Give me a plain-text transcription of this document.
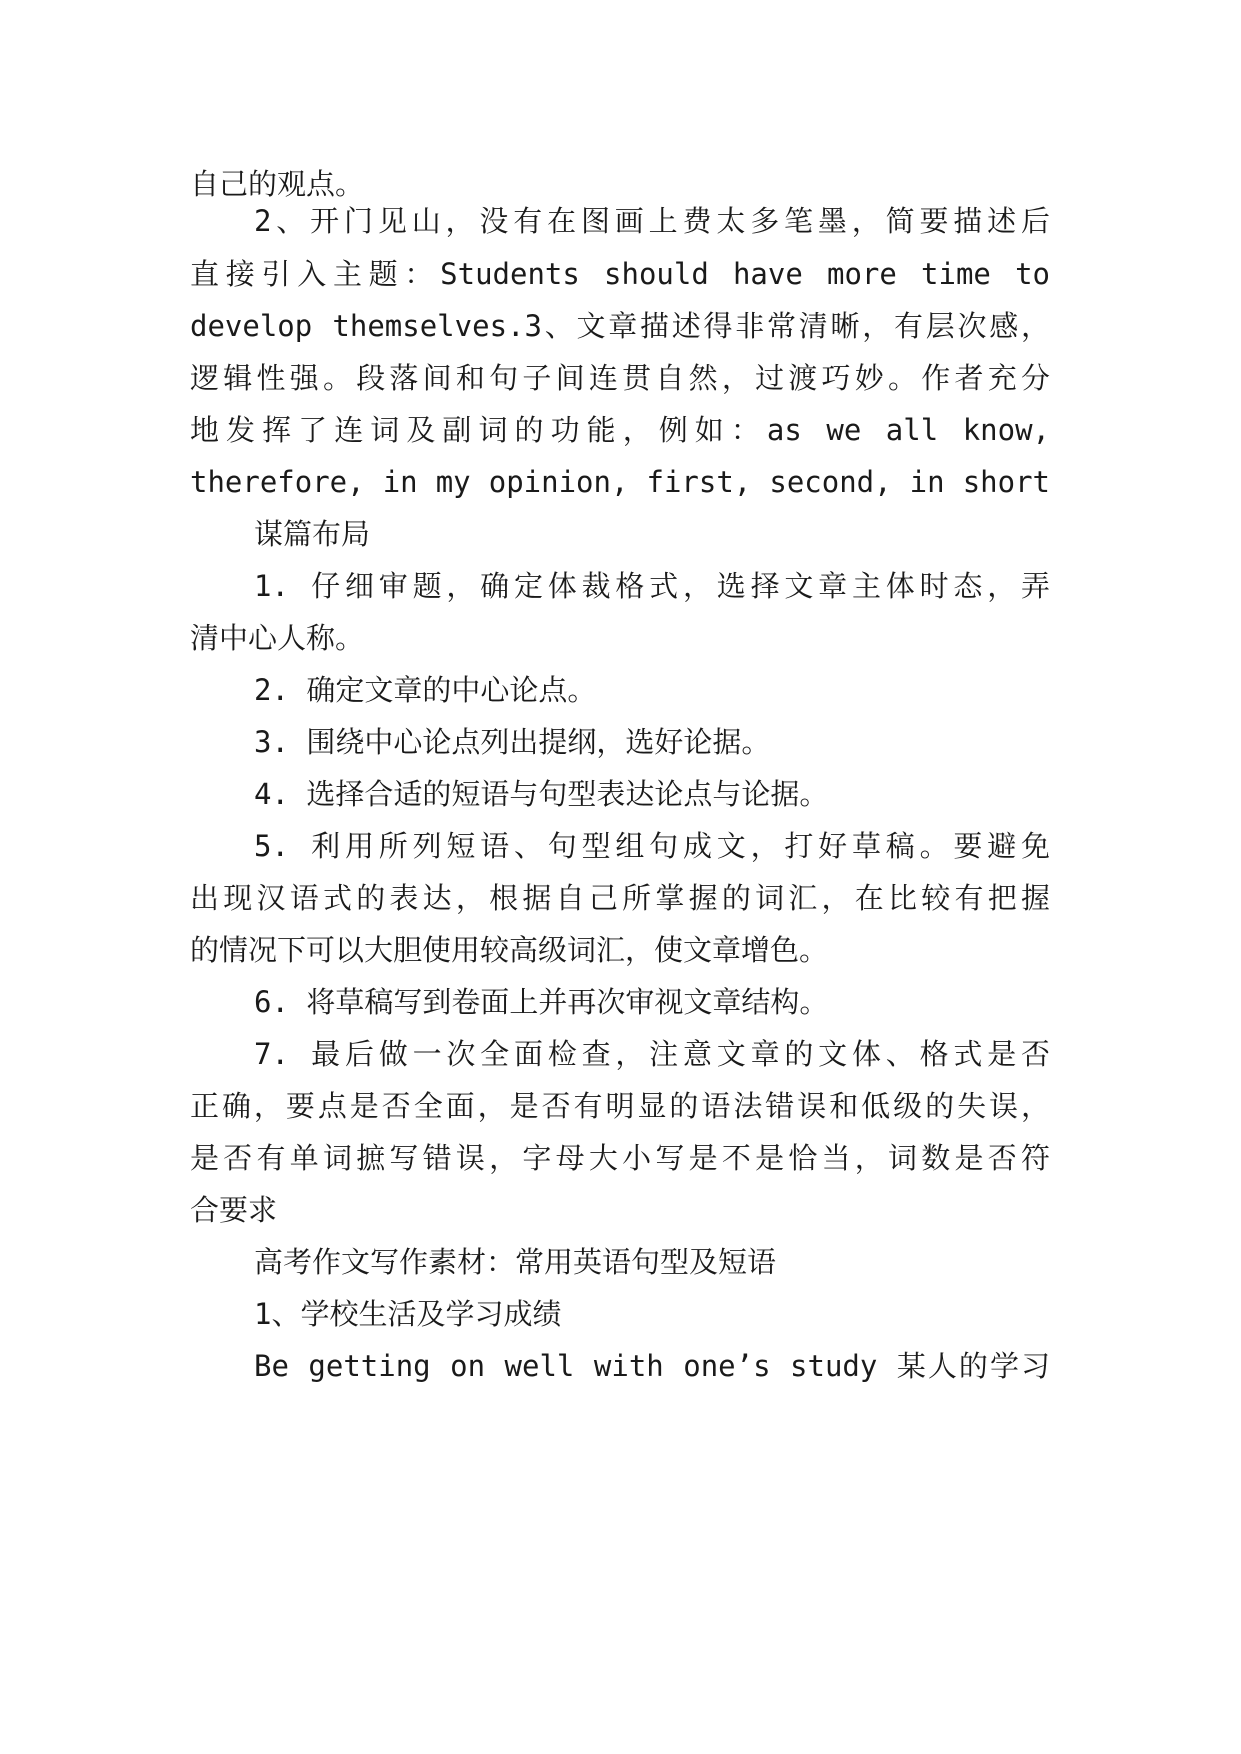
自己的观点。
2、开门见山，没有在图画上费太多笔墨，简要描述后
直接引入主题：Students should have more time to
develop themselves.3、文章描述得非常清晰，有层次感，
逻辑性强。段落间和句子间连贯自然，过渡巧妙。作者充分
地发挥了连词及副词的功能，例如：as we all know,
therefore, in my opinion, first, second, in short
谋篇布局
1. 仔细审题，确定体裁格式，选择文章主体时态，弄
清中心人称。
2. 确定文章的中心论点。
3. 围绕中心论点列出提纲，选好论据。
4. 选择合适的短语与句型表达论点与论据。
5. 利用所列短语、句型组句成文，打好草稿。要避免
出现汉语式的表达，根据自己所掌握的词汇，在比较有把握
的情况下可以大胆使用较高级词汇，使文章增色。
6. 将草稿写到卷面上并再次审视文章结构。
7. 最后做一次全面检查，注意文章的文体、格式是否
正确，要点是否全面，是否有明显的语法错误和低级的失误，
是否有单词摭写错误，字母大小写是不是恰当，词数是否符
合要求
高考作文写作素材：常用英语句型及短语
1、学校生活及学习成绩
Be getting on well with one’s study 某人的学习
